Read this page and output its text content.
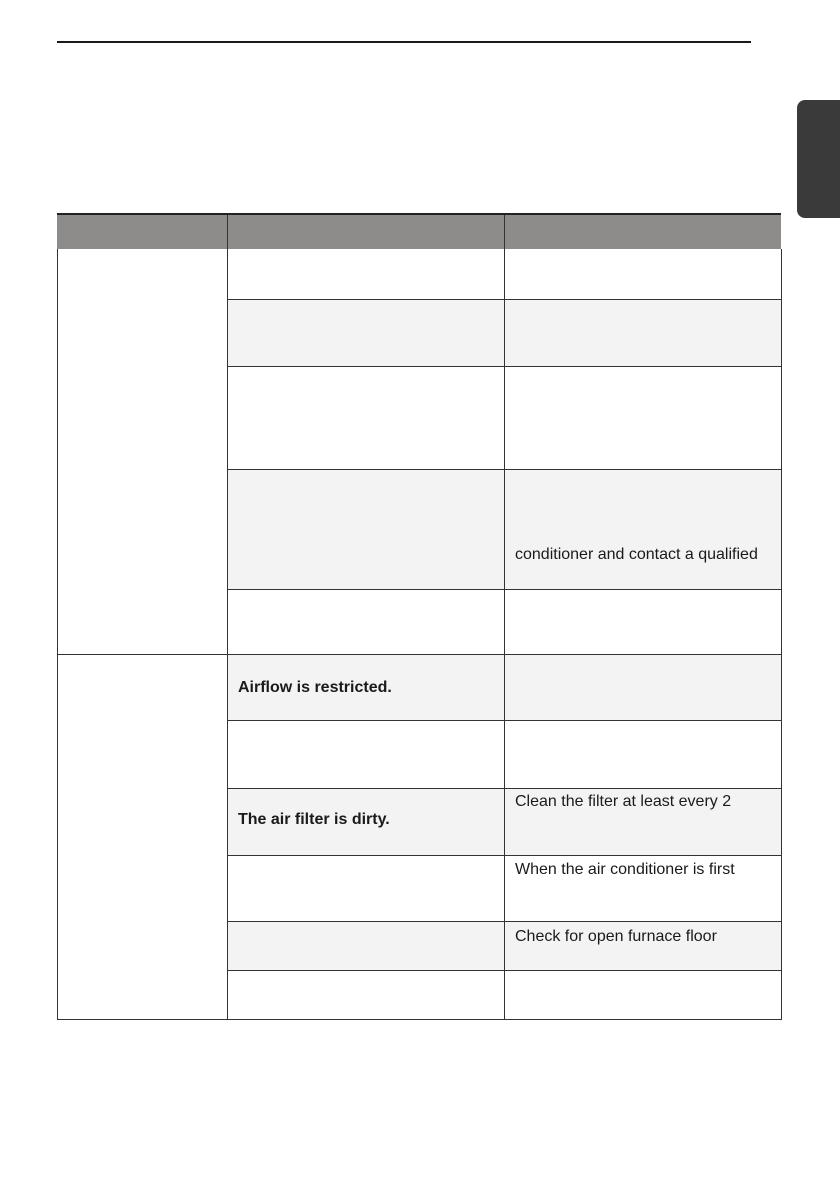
conditioner and contact a qualified
Airflow is restricted.
Clean the filter at least every 2
The air filter is dirty.
When the air conditioner is first
Check for open furnace floor
